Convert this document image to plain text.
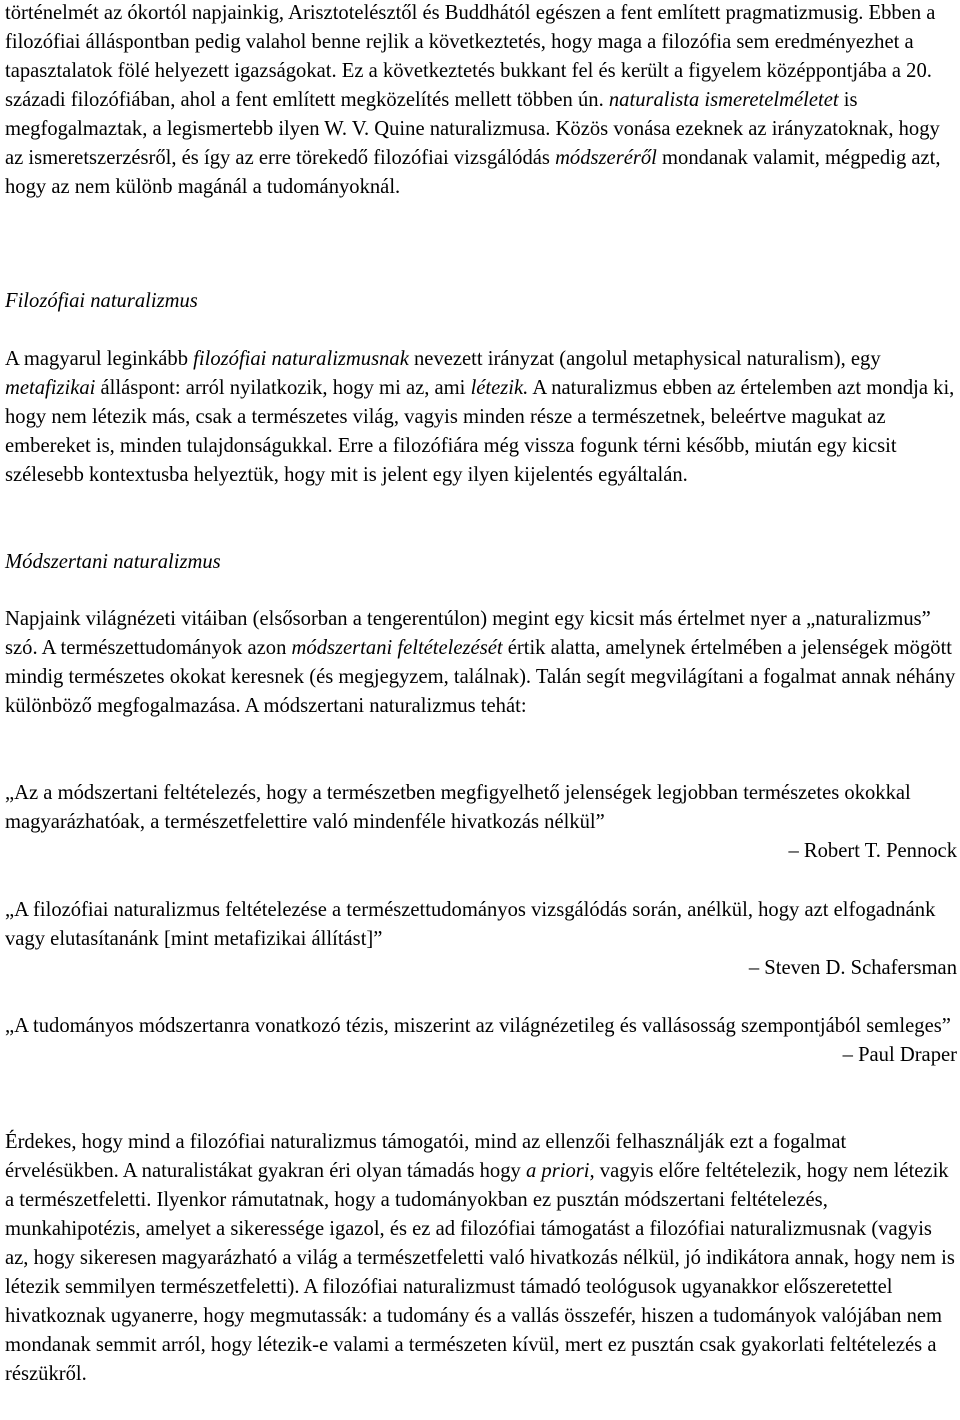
történelmét az ókortól napjainkig, Arisztotelésztől és Buddhától egészen a fent említett pragmatizmusig. Ebben a filozófiai álláspontban pedig valahol benne rejlik a következtetés, hogy maga a filozófia sem eredményezhet a tapasztalatok fölé helyezett igazságokat. Ez a következtetés bukkant fel és került a figyelem középpontjába a 20. századi filozófiában, ahol a fent említett megközelítés mellett többen ún. naturalista ismeretelméletet is megfogalmaztak, a legismertebb ilyen W. V. Quine naturalizmusa. Közös vonása ezeknek az irányzatoknak, hogy az ismeretszerzésről, és így az erre törekedő filozófiai vizsgálódás módszeréről mondanak valamit, mégpedig azt, hogy az nem különb magánál a tudományoknál.

Filozófiai naturalizmus

A magyarul leginkább filozófiai naturalizmusnak nevezett irányzat (angolul metaphysical naturalism), egy metafizikai álláspont: arról nyilatkozik, hogy mi az, ami létezik. A naturalizmus ebben az értelemben azt mondja ki, hogy nem létezik más, csak a természetes világ, vagyis minden része a természetnek, beleértve magukat az embereket is, minden tulajdonságukkal. Erre a filozófiára még vissza fogunk térni később, miután egy kicsit szélesebb kontextusba helyeztük, hogy mit is jelent egy ilyen kijelentés egyáltalán.

Módszertani naturalizmus

Napjaink világnézeti vitáiban (elsősorban a tengerentúlon) megint egy kicsit más értelmet nyer a „naturalizmus” szó. A természettudományok azon módszertani feltételezését értik alatta, amelynek értelmében a jelenségek mögött mindig természetes okokat keresnek (és megjegyzem, találnak). Talán segít megvilágítani a fogalmat annak néhány különböző megfogalmazása. A módszertani naturalizmus tehát:

„Az a módszertani feltételezés, hogy a természetben megfigyelhető jelenségek legjobban természetes okokkal magyarázhatóak, a természetfelettire való mindenféle hivatkozás nélkül”

– Robert T. Pennock

„A filozófiai naturalizmus feltételezése a természettudományos vizsgálódás során, anélkül, hogy azt elfogadnánk vagy elutasítanánk [mint metafizikai állítást]”

– Steven D. Schafersman

„A tudományos módszertanra vonatkozó tézis, miszerint az világnézetileg és vallásosság szempontjából semleges”

– Paul Draper

Érdekes, hogy mind a filozófiai naturalizmus támogatói, mind az ellenzői felhasználják ezt a fogalmat érvelésükben. A naturalistákat gyakran éri olyan támadás hogy a priori, vagyis előre feltételezik, hogy nem létezik a természetfeletti. Ilyenkor rámutatnak, hogy a tudományokban ez pusztán módszertani feltételezés, munkahipotézis, amelyet a sikeressége igazol, és ez ad filozófiai támogatást a filozófiai naturalizmusnak (vagyis az, hogy sikeresen magyarázható a világ a természetfeletti való hivatkozás nélkül, jó indikátora annak, hogy nem is létezik semmilyen természetfeletti). A filozófiai naturalizmust támadó teológusok ugyanakkor előszeretettel hivatkoznak ugyanerre, hogy megmutassák: a tudomány és a vallás összefér, hiszen a tudományok valójában nem mondanak semmit arról, hogy létezik-e valami a természeten kívül, mert ez pusztán csak gyakorlati feltételezés a részükről.
